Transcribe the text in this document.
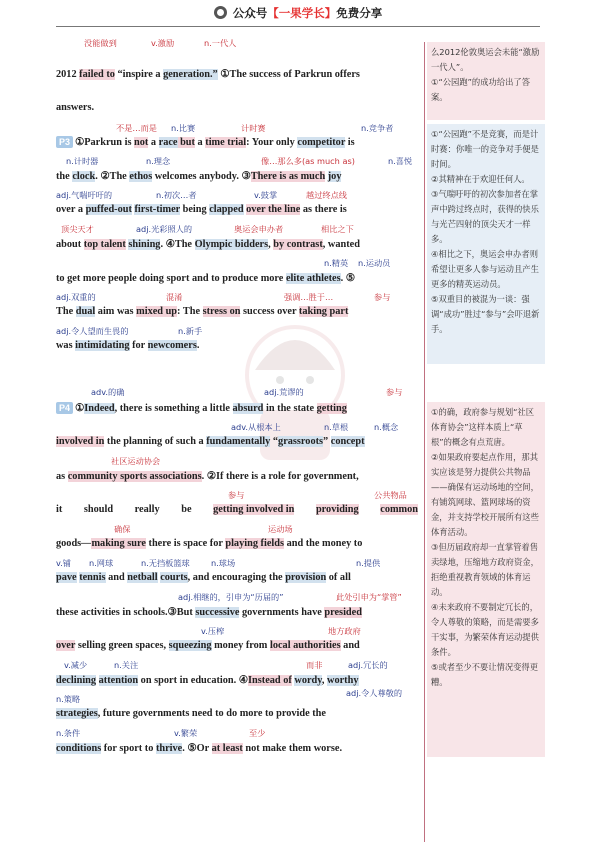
公众号【一果学长】免费分享
没能做到	v.激励	n.一代人
2012 failed to “inspire a generation.” ①The success of Parkrun offers
answers.
不是…而是 n.比赛	计时赛	n.竞争者
P3 ①Parkrun is not a race but a time trial: Your only competitor is
n.计时器	n.理念	像…那么多(as much as)	n.喜悦
the clock. ②The ethos welcomes anybody. ③There is as much joy
adj.气喘吁吁的	n.初次…者	v.鼓掌	越过终点线
over a puffed-out first-timer being clapped over the line as there is
顶尖天才	adj.光彩照人的	奥运会申办者	相比之下
about top talent shining. ④The Olympic bidders, by contrast, wanted
n.精英 n.运动员
to get more people doing sport and to produce more elite athletes. ⑤
adj.双重的	混淆	强调…胜于…	参与
The dual aim was mixed up: The stress on success over taking part
adj.令人望而生畏的	n.新手
was intimidating for newcomers.
adv.的确	adj.荒谬的	参与
P4 ①Indeed, there is something a little absurd in the state getting
adv.从根本上	n.草根	n.概念
involved in the planning of such a fundamentally “grassroots” concept
社区运动协会
as community sports associations. ②If there is a role for government,
参与	公共物品
it should really be getting involved in providing common
确保	运动场
goods—making sure there is space for playing fields and the money to
v.铺 n.网球	n.无挡板篮球	n.球场	n.提供
pave tennis and netball courts, and encouraging the provision of all
adj.相继的，引申为“历届的”	此处引申为“掌管”
these activities in schools.③But successive governments have presided
v.压榨	地方政府
over selling green spaces, squeezing money from local authorities and
v.减少	n.关注	而非	adj.冗长的
declining attention on sport in education. ④Instead of wordy, worthy
n.策略
adj.令人尊敬的
strategies, future governments need to do more to provide the
n.条件	v.繁荣	至少
conditions for sport to thrive. ⑤Or at least not make them worse.
么2012伦敦奥运会未能“激励一代人”。
①“公园跑”的成功给出了答案。
①“公园跑”不是竞赛，而是计时赛：你唯一的竞争对手便是时间。
②其精神在于欢迎任何人。
③气喘吁吁的初次参加者在掌声中跨过终点时，获得的快乐与光芒四射的顶尖天才一样多。
④相比之下，奥运会申办者则希望让更多人参与运动且产生更多的精英运动员。
⑤双重目的被混为一谈：强调“成功”胜过“参与”会吓退新手。
①的确，政府参与规划“社区体育协会”这样本质上“草根”的概念有点荒唐。
②如果政府要起点作用，那其实应该是努力提供公共物品——确保有运动场地的空间，有铺筑网球、篮网球场的资金，并支持学校开展所有这些体育活动。
③但历届政府却一直掌管着售卖绿地，压缩地方政府资金，拒绝重视教育领域的体育运动。
④未来政府不要制定冗长的，令人尊敬的策略，而是需要多干实事，为繁荣体育运动提供条件。
⑤或者至少不要让情况变得更糟。
